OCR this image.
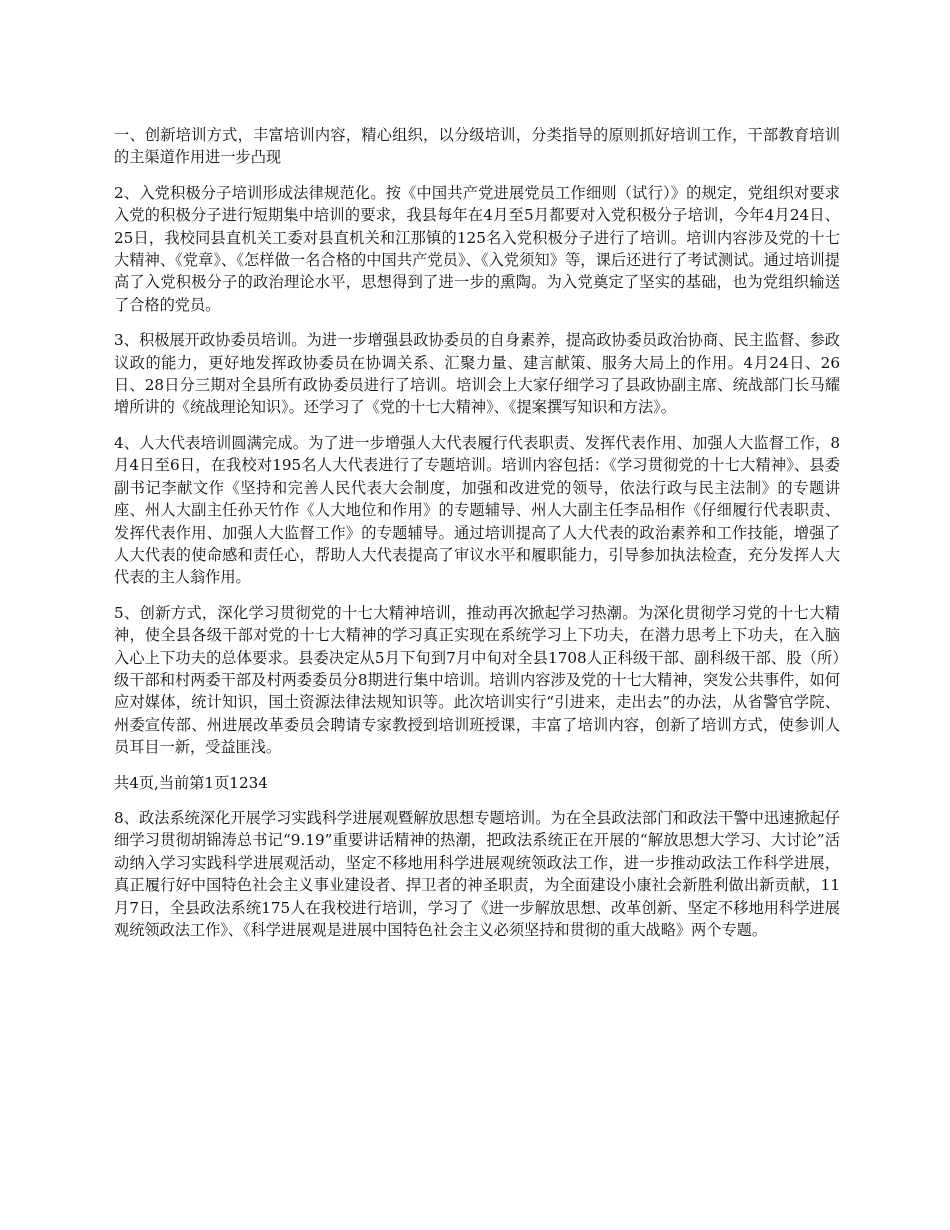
一、创新培训方式，丰富培训内容，精心组织，以分级培训，分类指导的原则抓好培训工作，干部教育培训的主渠道作用进一步凸现

2、入党积极分子培训形成法律规范化。按《中国共产党进展党员工作细则（试行）》的规定，党组织对要求入党的积极分子进行短期集中培训的要求，我县每年在4月至5月都要对入党积极分子培训，今年4月24日、25日，我校同县直机关工委对县直机关和江那镇的125名入党积极分子进行了培训。培训内容涉及党的十七大精神、《党章》、《怎样做一名合格的中国共产党员》、《入党须知》等，课后还进行了考试测试。通过培训提高了入党积极分子的政治理论水平，思想得到了进一步的熏陶。为入党奠定了坚实的基础，也为党组织输送了合格的党员。

3、积极展开政协委员培训。为进一步增强县政协委员的自身素养，提高政协委员政治协商、民主监督、参政议政的能力，更好地发挥政协委员在协调关系、汇聚力量、建言献策、服务大局上的作用。4月24日、26日、28日分三期对全县所有政协委员进行了培训。培训会上大家仔细学习了县政协副主席、统战部门长马耀增所讲的《统战理论知识》。还学习了《党的十七大精神》、《提案撰写知识和方法》。

4、人大代表培训圆满完成。为了进一步增强人大代表履行代表职责、发挥代表作用、加强人大监督工作，8月4日至6日，在我校对195名人大代表进行了专题培训。培训内容包括：《学习贯彻党的十七大精神》、县委副书记李献文作《坚持和完善人民代表大会制度，加强和改进党的领导，依法行政与民主法制》的专题讲座、州人大副主任孙天竹作《人大地位和作用》的专题辅导、州人大副主任李品相作《仔细履行代表职责、发挥代表作用、加强人大监督工作》的专题辅导。通过培训提高了人大代表的政治素养和工作技能，增强了人大代表的使命感和责任心，帮助人大代表提高了审议水平和履职能力，引导参加执法检查，充分发挥人大代表的主人翁作用。

5、创新方式，深化学习贯彻党的十七大精神培训，推动再次掀起学习热潮。为深化贯彻学习党的十七大精神，使全县各级干部对党的十七大精神的学习真正实现在系统学习上下功夫，在潜力思考上下功夫，在入脑入心上下功夫的总体要求。县委决定从5月下旬到7月中旬对全县1708人正科级干部、副科级干部、股（所）级干部和村两委干部及村两委委员分8期进行集中培训。培训内容涉及党的十七大精神，突发公共事件，如何应对媒体，统计知识，国土资源法律法规知识等。此次培训实行“引进来，走出去”的办法，从省警官学院、州委宣传部、州进展改革委员会聘请专家教授到培训班授课，丰富了培训内容，创新了培训方式，使参训人员耳目一新，受益匪浅。

共4页,当前第1页1234

8、政法系统深化开展学习实践科学进展观暨解放思想专题培训。为在全县政法部门和政法干警中迅速掀起仔细学习贯彻胡锦涛总书记“9.19”重要讲话精神的热潮，把政法系统正在开展的“解放思想大学习、大讨论”活动纳入学习实践科学进展观活动，坚定不移地用科学进展观统领政法工作，进一步推动政法工作科学进展，真正履行好中国特色社会主义事业建设者、捍卫者的神圣职责，为全面建设小康社会新胜利做出新贡献，11月7日，全县政法系统175人在我校进行培训，学习了《进一步解放思想、改革创新、坚定不移地用科学进展观统领政法工作》、《科学进展观是进展中国特色社会主义必须坚持和贯彻的重大战略》两个专题。
